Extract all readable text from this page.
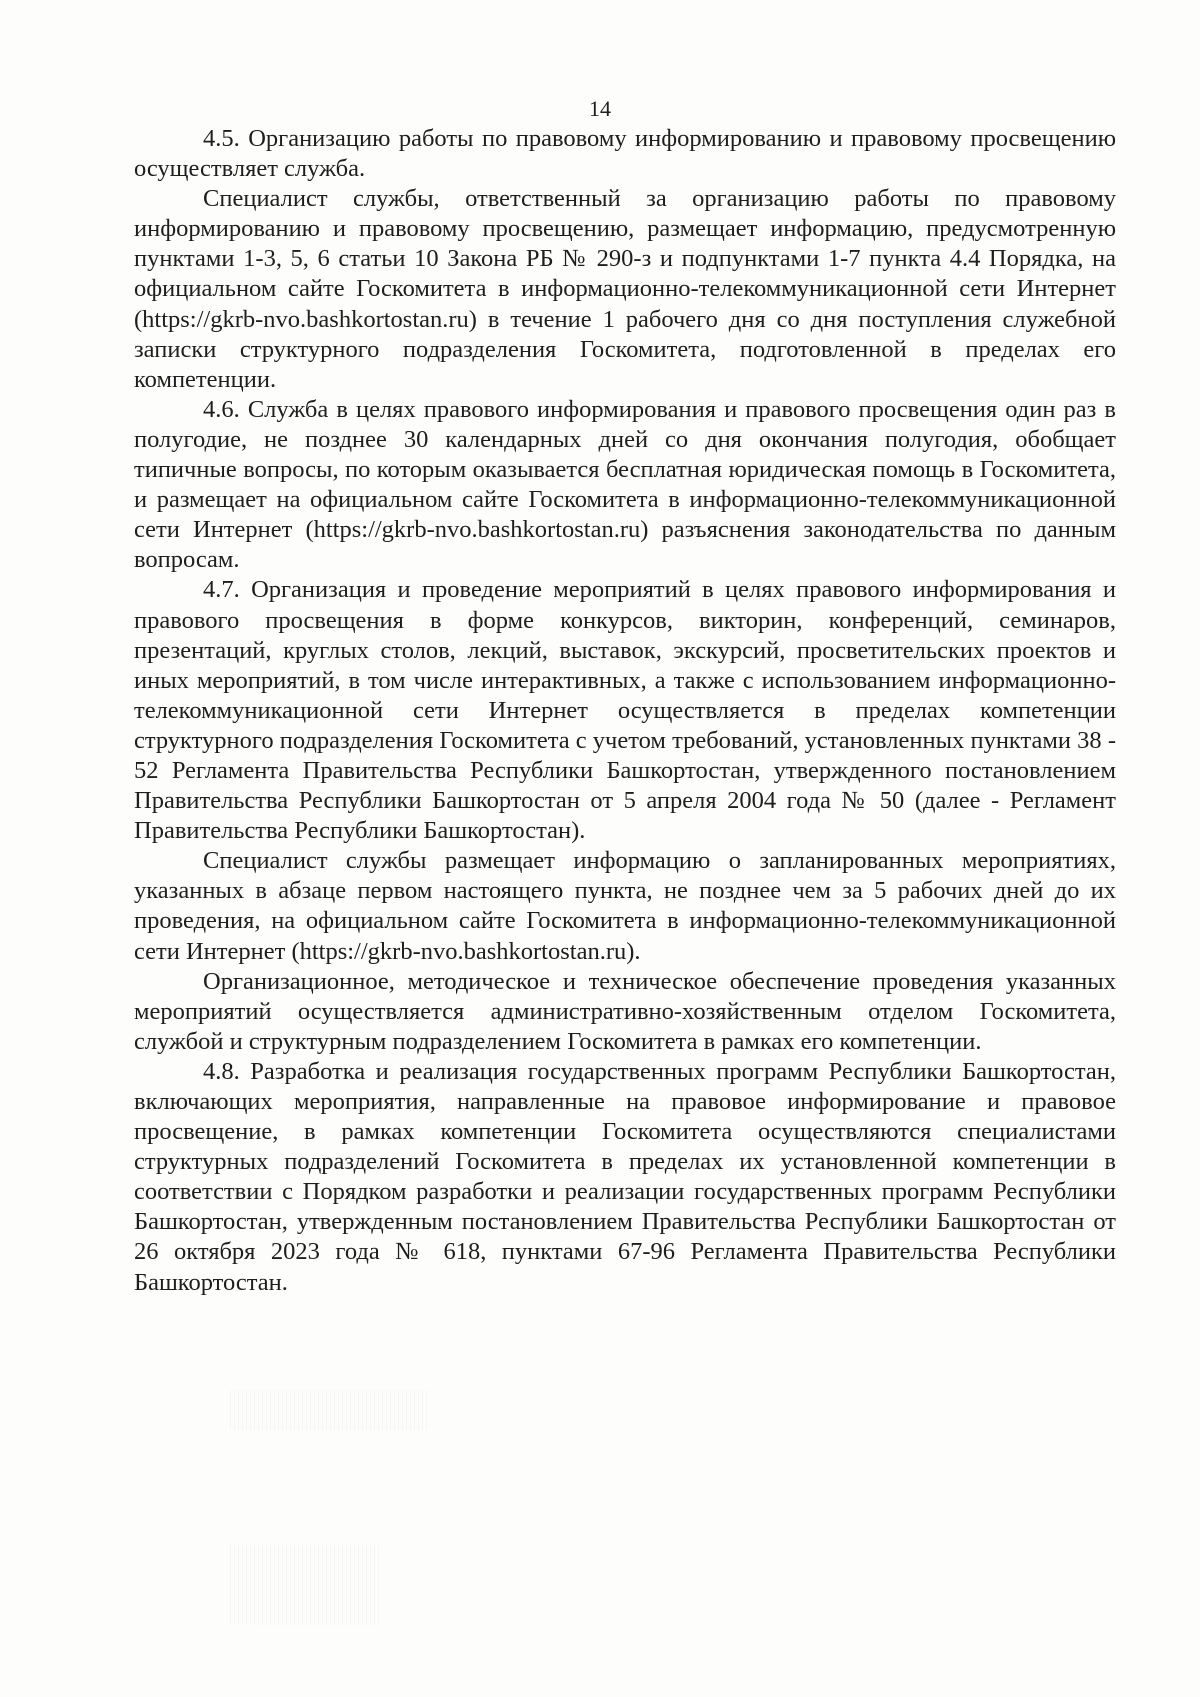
14

4.5. Организацию работы по правовому информированию и правовому просвещению осуществляет служба.

Специалист службы, ответственный за организацию работы по правовому информированию и правовому просвещению, размещает информацию, предусмотренную пунктами 1-3, 5, 6 статьи 10 Закона РБ № 290-з и подпунктами 1-7 пункта 4.4 Порядка, на официальном сайте Госкомитета в информационно-телекоммуникационной сети Интернет (https://gkrb-nvo.bashkortostan.ru) в течение 1 рабочего дня со дня поступления служебной записки структурного подразделения Госкомитета, подготовленной в пределах его компетенции.

4.6. Служба в целях правового информирования и правового просвещения один раз в полугодие, не позднее 30 календарных дней со дня окончания полугодия, обобщает типичные вопросы, по которым оказывается бесплатная юридическая помощь в Госкомитета, и размещает на официальном сайте Госкомитета в информационно-телекоммуникационной сети Интернет (https://gkrb-nvo.bashkortostan.ru) разъяснения законодательства по данным вопросам.

4.7. Организация и проведение мероприятий в целях правового информирования и правового просвещения в форме конкурсов, викторин, конференций, семинаров, презентаций, круглых столов, лекций, выставок, экскурсий, просветительских проектов и иных мероприятий, в том числе интерактивных, а также с использованием информационно-телекоммуникационной сети Интернет осуществляется в пределах компетенции структурного подразделения Госкомитета с учетом требований, установленных пунктами 38 - 52 Регламента Правительства Республики Башкортостан, утвержденного постановлением Правительства Республики Башкортостан от 5 апреля 2004 года № 50 (далее - Регламент Правительства Республики Башкортостан).

Специалист службы размещает информацию о запланированных мероприятиях, указанных в абзаце первом настоящего пункта, не позднее чем за 5 рабочих дней до их проведения, на официальном сайте Госкомитета в информационно-телекоммуникационной сети Интернет (https://gkrb-nvo.bashkortostan.ru).

Организационное, методическое и техническое обеспечение проведения указанных мероприятий осуществляется административно-хозяйственным отделом Госкомитета, службой и структурным подразделением Госкомитета в рамках его компетенции.

4.8. Разработка и реализация государственных программ Республики Башкортостан, включающих мероприятия, направленные на правовое информирование и правовое просвещение, в рамках компетенции Госкомитета осуществляются специалистами структурных подразделений Госкомитета в пределах их установленной компетенции в соответствии с Порядком разработки и реализации государственных программ Республики Башкортостан, утвержденным постановлением Правительства Республики Башкортостан от 26 октября 2023 года № 618, пунктами 67-96 Регламента Правительства Республики Башкортостан.
